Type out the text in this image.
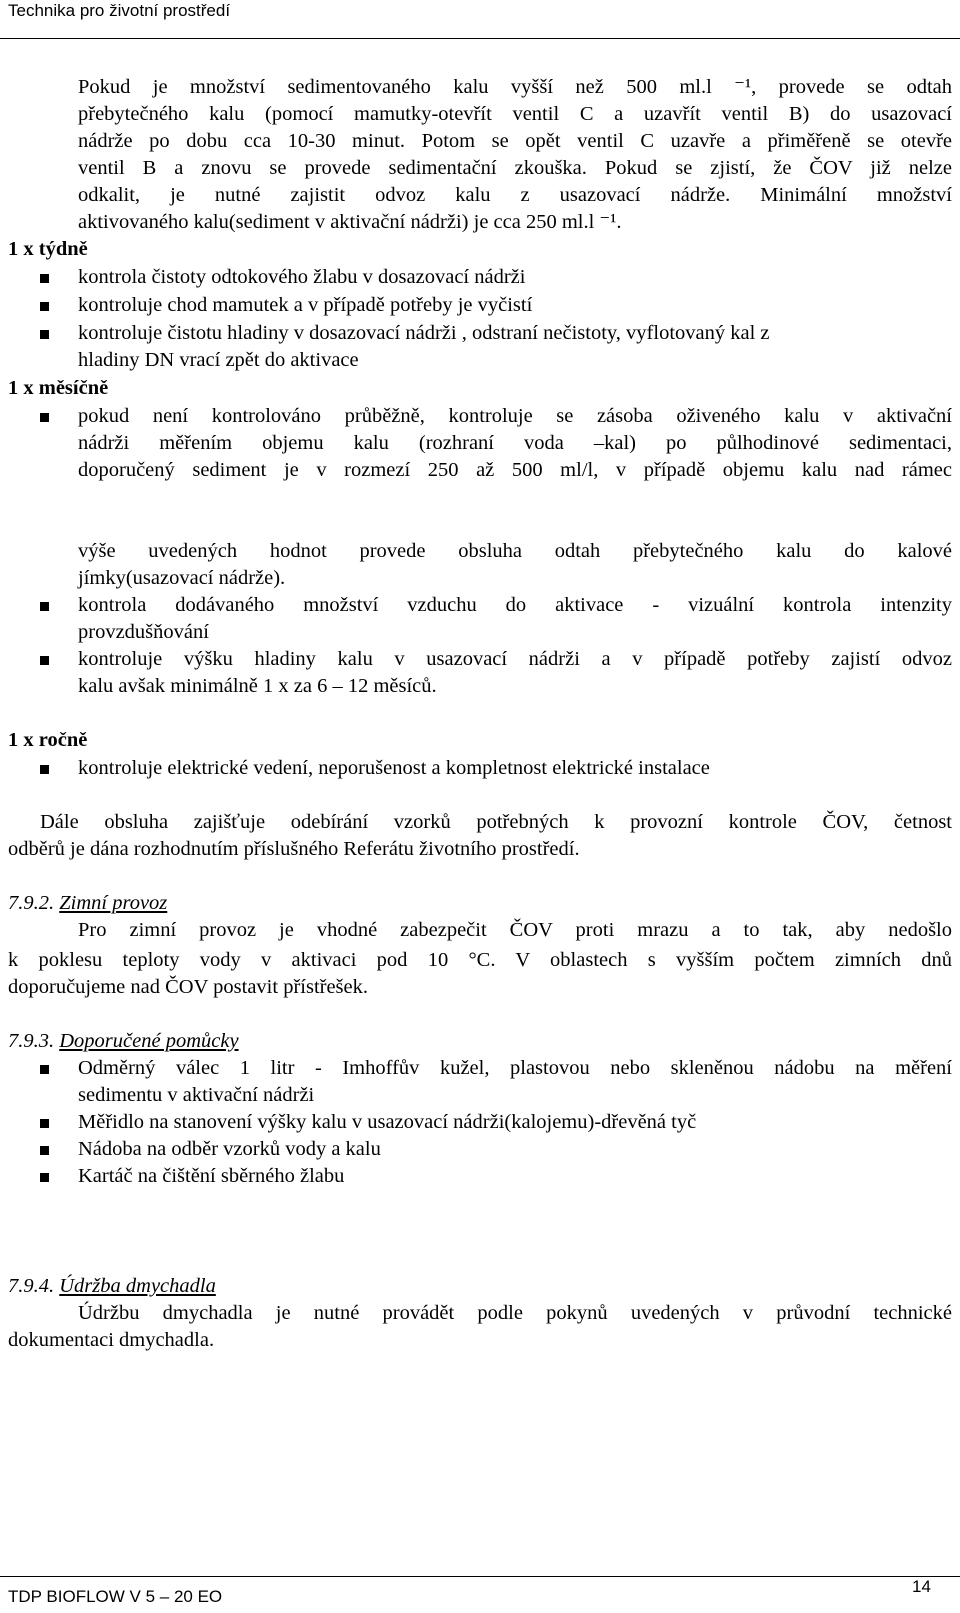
Technika pro životní prostředí
Pokud je množství sedimentovaného kalu vyšší než 500 ml.l ⁻¹, provede se odtah
přebytečného kalu (pomocí mamutky-otevřít ventil C a uzavřít ventil B) do usazovací
nádrže po dobu cca 10-30 minut. Potom se opět ventil C uzavře a přiměřeně se otevře
ventil B a znovu se provede sedimentační zkouška. Pokud se zjistí, že ČOV již nelze
odkalit, je nutné zajistit odvoz kalu z usazovací nádrže. Minimální množství
aktivovaného kalu(sediment v aktivační nádrži) je cca 250 ml.l ⁻¹.
1 x týdně
kontrola čistoty odtokového žlabu v dosazovací nádrži
kontroluje chod mamutek a v případě potřeby je vyčistí
kontroluje čistotu hladiny v dosazovací nádrži , odstraní nečistoty, vyflotovaný kal z
hladiny DN vrací zpět do aktivace
1 x měsíčně
pokud není kontrolováno průběžně, kontroluje se zásoba oživeného kalu v aktivační
nádrži měřením objemu kalu (rozhraní voda –kal) po půlhodinové sedimentaci,
doporučený sediment je v rozmezí 250 až 500 ml/l, v případě objemu kalu nad rámec
výše uvedených hodnot provede obsluha odtah přebytečného kalu do kalové
jímky(usazovací nádrže).
kontrola dodávaného množství vzduchu do aktivace - vizuální kontrola intenzity
provzdušňování
kontroluje výšku hladiny kalu v usazovací nádrži a v případě potřeby zajistí odvoz
kalu avšak minimálně 1 x za 6 – 12 měsíců.
1 x ročně
kontroluje elektrické vedení, neporušenost a kompletnost elektrické instalace
Dále obsluha zajišťuje odebírání vzorků potřebných k provozní kontrole ČOV, četnost
odběrů je dána rozhodnutím příslušného Referátu životního prostředí.
7.9.2. Zimní provoz
Pro zimní provoz je vhodné zabezpečit ČOV proti mrazu a to tak, aby nedošlo
k poklesu teploty vody v aktivaci pod 10 °C. V oblastech s vyšším počtem zimních dnů
doporučujeme nad ČOV postavit přístřešek.
7.9.3. Doporučené pomůcky
Odměrný válec 1 litr - Imhoffův kužel, plastovou nebo skleněnou nádobu na měření
sedimentu v aktivační nádrži
Měřidlo na stanovení výšky kalu v usazovací nádrži(kalojemu)-dřevěná tyč
Nádoba na odběr vzorků vody a kalu
Kartáč na čištění sběrného žlabu
7.9.4. Údržba dmychadla
Údržbu dmychadla je nutné provádět podle pokynů uvedených v průvodní technické
dokumentaci dmychadla.
TDP BIOFLOW V 5 – 20 EO
14
